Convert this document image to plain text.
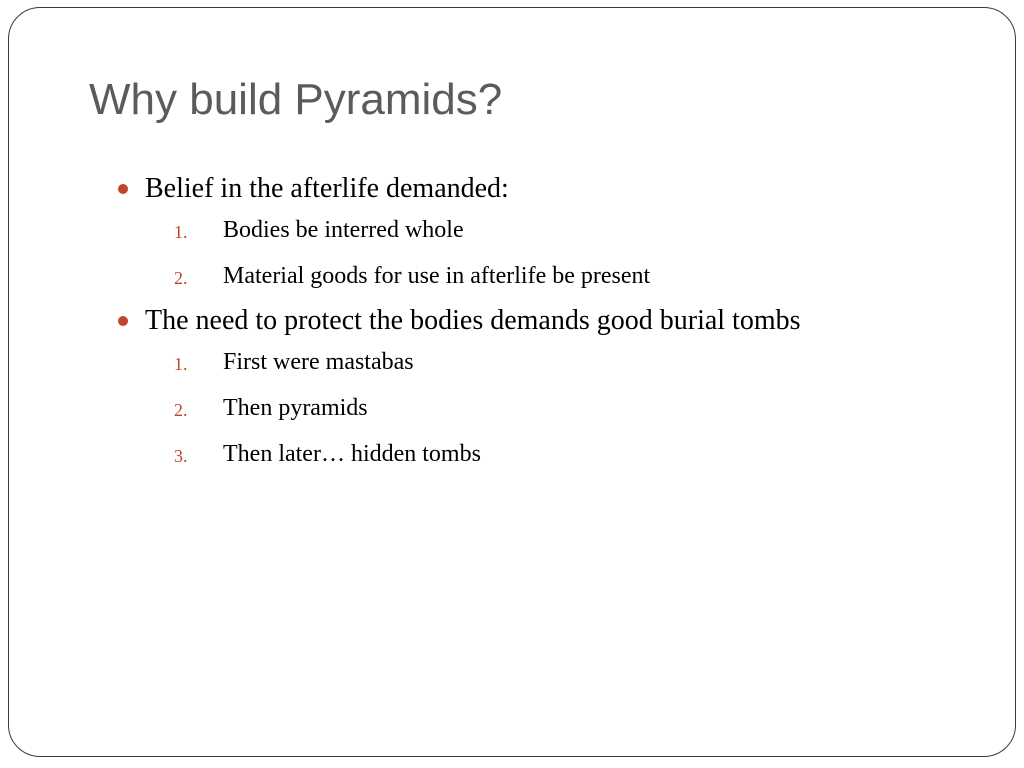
Why build Pyramids?
Belief in the afterlife demanded:
1. Bodies be interred whole
2. Material goods for use in afterlife be present
The need to protect the bodies demands good burial tombs
1. First were mastabas
2. Then pyramids
3. Then later… hidden tombs
